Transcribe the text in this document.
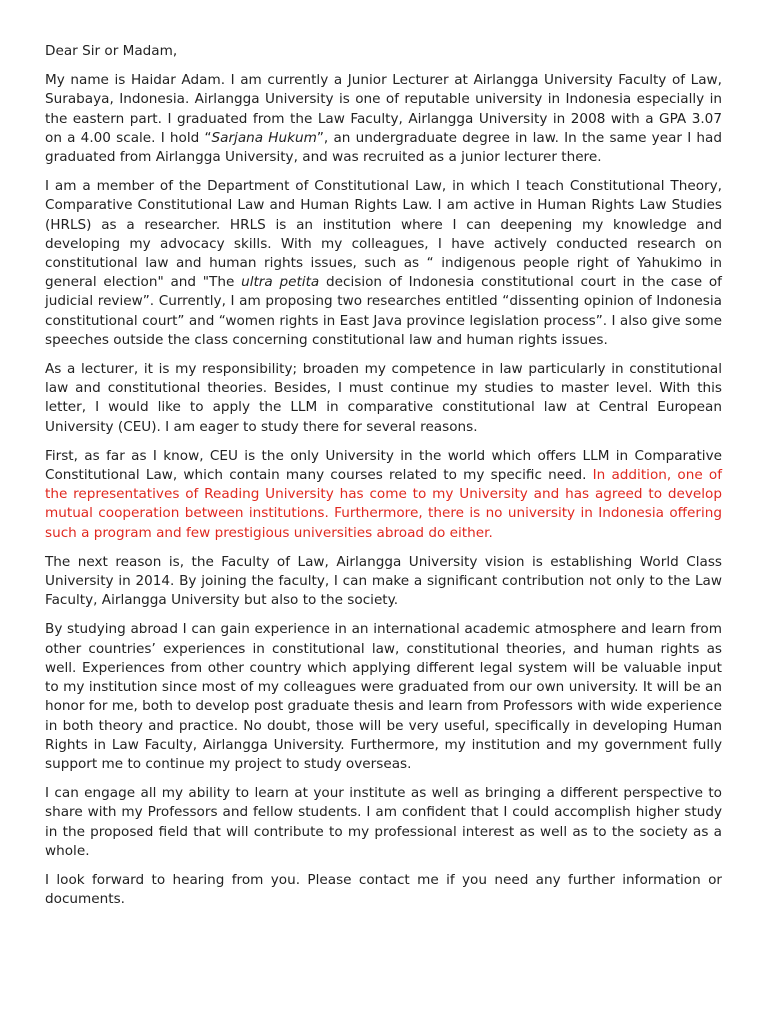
Dear Sir or Madam,

My name is Haidar Adam. I am currently a Junior Lecturer at Airlangga University Faculty of Law, Surabaya, Indonesia. Airlangga University is one of reputable university in Indonesia especially in the eastern part. I graduated from the Law Faculty, Airlangga University in 2008 with a GPA 3.07 on a 4.00 scale. I hold “Sarjana Hukum”, an undergraduate degree in law. In the same year I had graduated from Airlangga University, and was recruited as a junior lecturer there.

I am a member of the Department of Constitutional Law, in which I teach Constitutional Theory, Comparative Constitutional Law and Human Rights Law. I am active in Human Rights Law Studies (HRLS) as a researcher. HRLS is an institution where I can deepening my knowledge and developing my advocacy skills. With my colleagues, I have actively conducted research on constitutional law and human rights issues, such as “ indigenous people right of Yahukimo in general election" and "The ultra petita decision of Indonesia constitutional court in the case of judicial review”. Currently, I am proposing two researches entitled “dissenting opinion of Indonesia constitutional court” and “women rights in East Java province legislation process”. I also give some speeches outside the class concerning constitutional law and human rights issues.

As a lecturer, it is my responsibility; broaden my competence in law particularly in constitutional law and constitutional theories. Besides, I must continue my studies to master level. With this letter, I would like to apply the LLM in comparative constitutional law at Central European University (CEU). I am eager to study there for several reasons.

First, as far as I know, CEU is the only University in the world which offers LLM in Comparative Constitutional Law, which contain many courses related to my specific need. In addition, one of the representatives of Reading University has come to my University and has agreed to develop mutual cooperation between institutions. Furthermore, there is no university in Indonesia offering such a program and few prestigious universities abroad do either.

The next reason is, the Faculty of Law, Airlangga University vision is establishing World Class University in 2014. By joining the faculty, I can make a significant contribution not only to the Law Faculty, Airlangga University but also to the society.

By studying abroad I can gain experience in an international academic atmosphere and learn from other countries’ experiences in constitutional law, constitutional theories, and human rights as well. Experiences from other country which applying different legal system will be valuable input to my institution since most of my colleagues were graduated from our own university. It will be an honor for me, both to develop post graduate thesis and learn from Professors with wide experience in both theory and practice. No doubt, those will be very useful, specifically in developing Human Rights in Law Faculty, Airlangga University. Furthermore, my institution and my government fully support me to continue my project to study overseas.

I can engage all my ability to learn at your institute as well as bringing a different perspective to share with my Professors and fellow students. I am confident that I could accomplish higher study in the proposed field that will contribute to my professional interest as well as to the society as a whole.

I look forward to hearing from you. Please contact me if you need any further information or documents.
